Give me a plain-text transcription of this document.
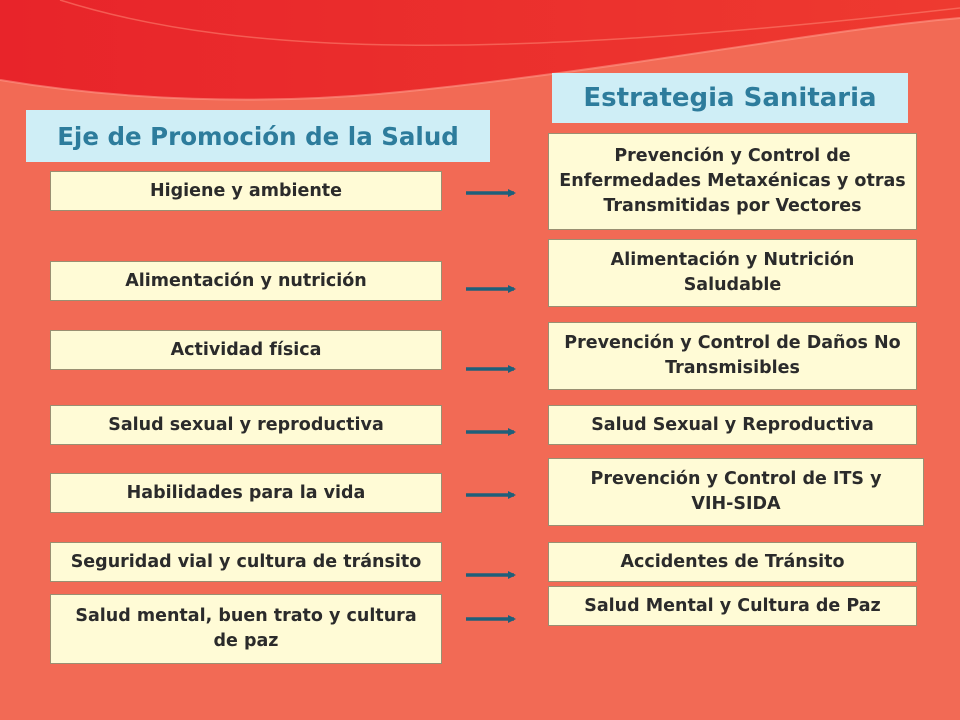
Eje de Promoción de la Salud
Estrategia Sanitaria
Higiene y ambiente
Alimentación y nutrición
Actividad física
Salud sexual y reproductiva
Habilidades para la vida
Seguridad vial y cultura de tránsito
Salud mental, buen trato y cultura de paz
Prevención y Control de Enfermedades Metaxénicas y otras Transmitidas por Vectores
Alimentación y Nutrición Saludable
Prevención y Control de Daños No Transmisibles
Salud Sexual y Reproductiva
Prevención y Control de ITS y VIH-SIDA
Accidentes de Tránsito
Salud Mental y Cultura de Paz
